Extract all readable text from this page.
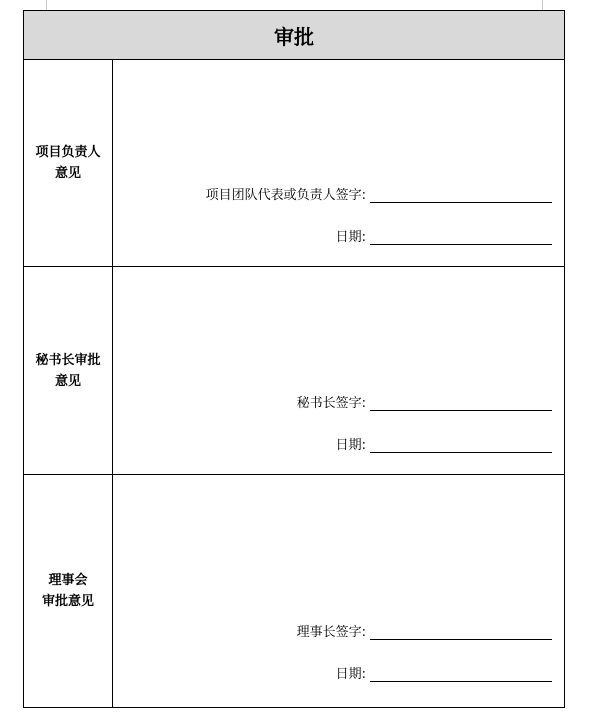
审批
项目负责人
意见
项目团队代表或负责人签字:
日期:
秘书长审批
意见
秘书长签字:
日期:
理事会
审批意见
理事长签字:
日期:
